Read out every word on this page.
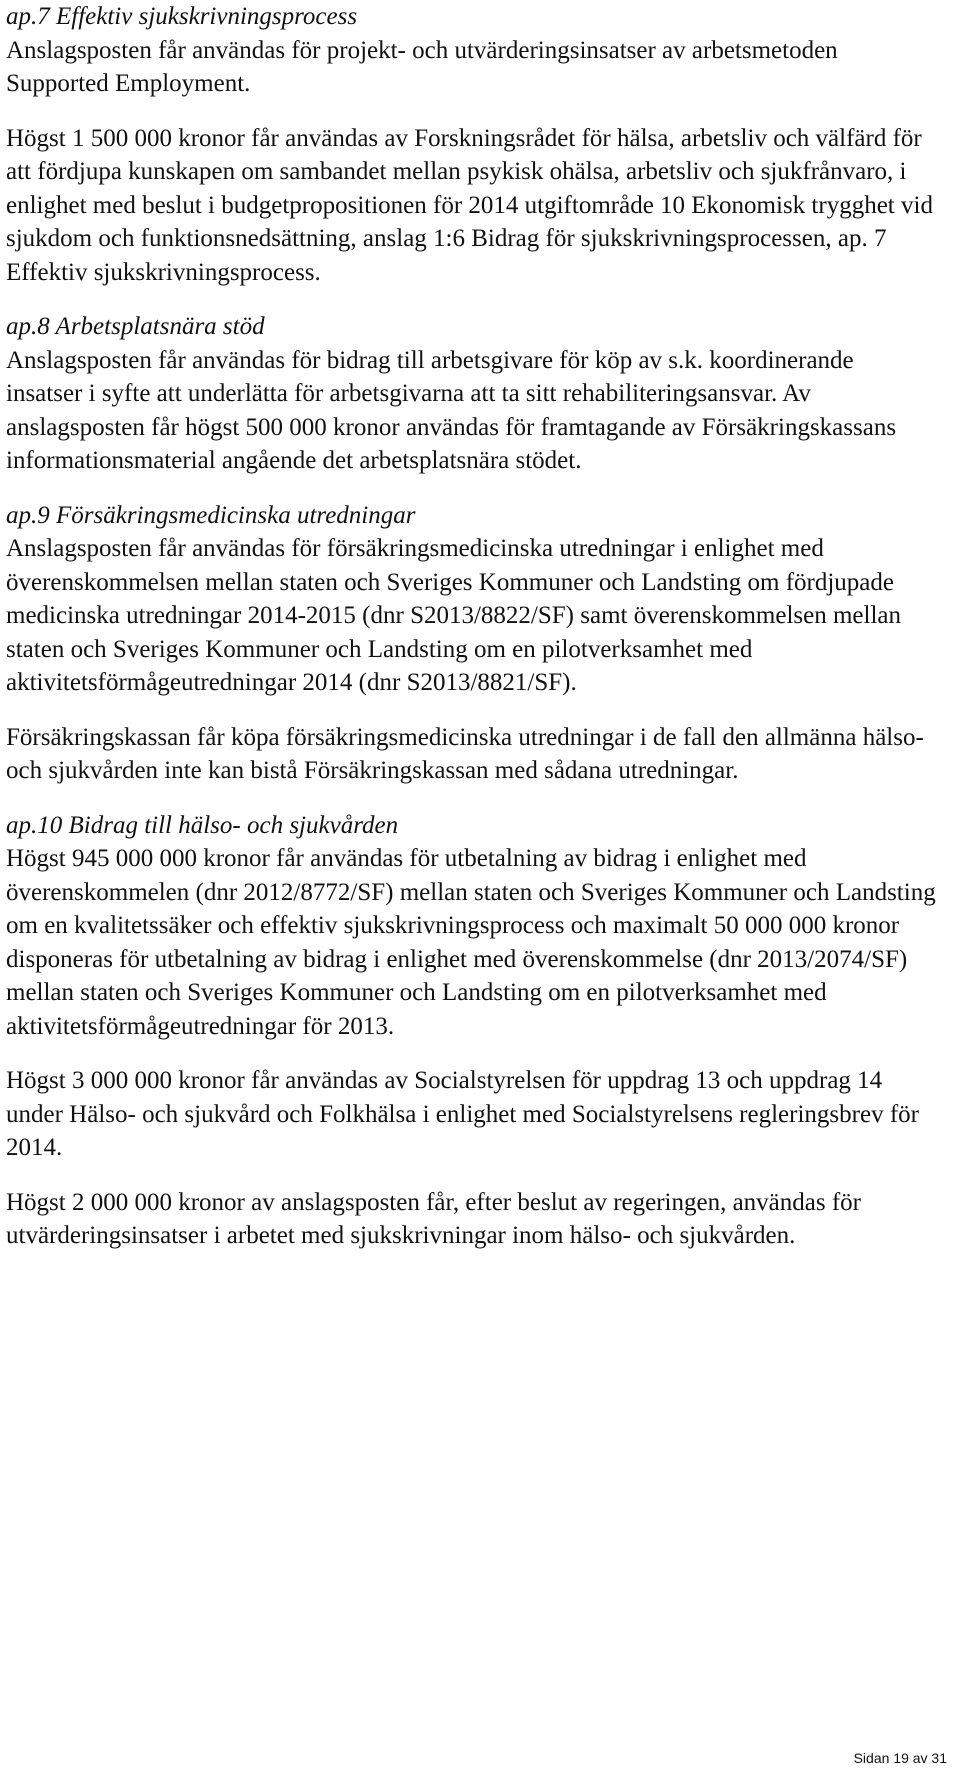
ap.7 Effektiv sjukskrivningsprocess
Anslagsposten får användas för projekt- och utvärderingsinsatser av arbetsmetoden Supported Employment.
Högst 1 500 000 kronor får användas av Forskningsrådet för hälsa, arbetsliv och välfärd för att fördjupa kunskapen om sambandet mellan psykisk ohälsa, arbetsliv och sjukfrånvaro, i enlighet med beslut i budgetpropositionen för 2014 utgiftområde 10 Ekonomisk trygghet vid sjukdom och funktionsnedsättning, anslag 1:6 Bidrag för sjukskrivningsprocessen, ap. 7 Effektiv sjukskrivningsprocess.
ap.8 Arbetsplatsnära stöd
Anslagsposten får användas för bidrag till arbetsgivare för köp av s.k. koordinerande insatser i syfte att underlätta för arbetsgivarna att ta sitt rehabiliteringsansvar. Av anslagsposten får högst 500 000 kronor användas för framtagande av Försäkringskassans informationsmaterial angående det arbetsplatsnära stödet.
ap.9 Försäkringsmedicinska utredningar
Anslagsposten får användas för försäkringsmedicinska utredningar i enlighet med överenskommelsen mellan staten och Sveriges Kommuner och Landsting om fördjupade medicinska utredningar 2014-2015 (dnr S2013/8822/SF) samt överenskommelsen mellan staten och Sveriges Kommuner och Landsting om en pilotverksamhet med aktivitetsförmågeutredningar 2014 (dnr S2013/8821/SF).
Försäkringskassan får köpa försäkringsmedicinska utredningar i de fall den allmänna hälso- och sjukvården inte kan bistå Försäkringskassan med sådana utredningar.
ap.10 Bidrag till hälso- och sjukvården
Högst 945 000 000 kronor får användas för utbetalning av bidrag i enlighet med överenskommelen (dnr 2012/8772/SF) mellan staten och Sveriges Kommuner och Landsting om en kvalitetssäker och effektiv sjukskrivningsprocess och maximalt 50 000 000 kronor disponeras för utbetalning av bidrag i enlighet med överenskommelse (dnr 2013/2074/SF) mellan staten och Sveriges Kommuner och Landsting om en pilotverksamhet med aktivitetsförmågeutredningar för 2013.
Högst 3 000 000 kronor får användas av Socialstyrelsen för uppdrag 13 och uppdrag 14 under Hälso- och sjukvård och Folkhälsa i enlighet med Socialstyrelsens regleringsbrev för 2014.
Högst 2 000 000 kronor av anslagsposten får, efter beslut av regeringen, användas för utvärderingsinsatser i arbetet med sjukskrivningar inom hälso- och sjukvården.
Sidan 19 av 31
